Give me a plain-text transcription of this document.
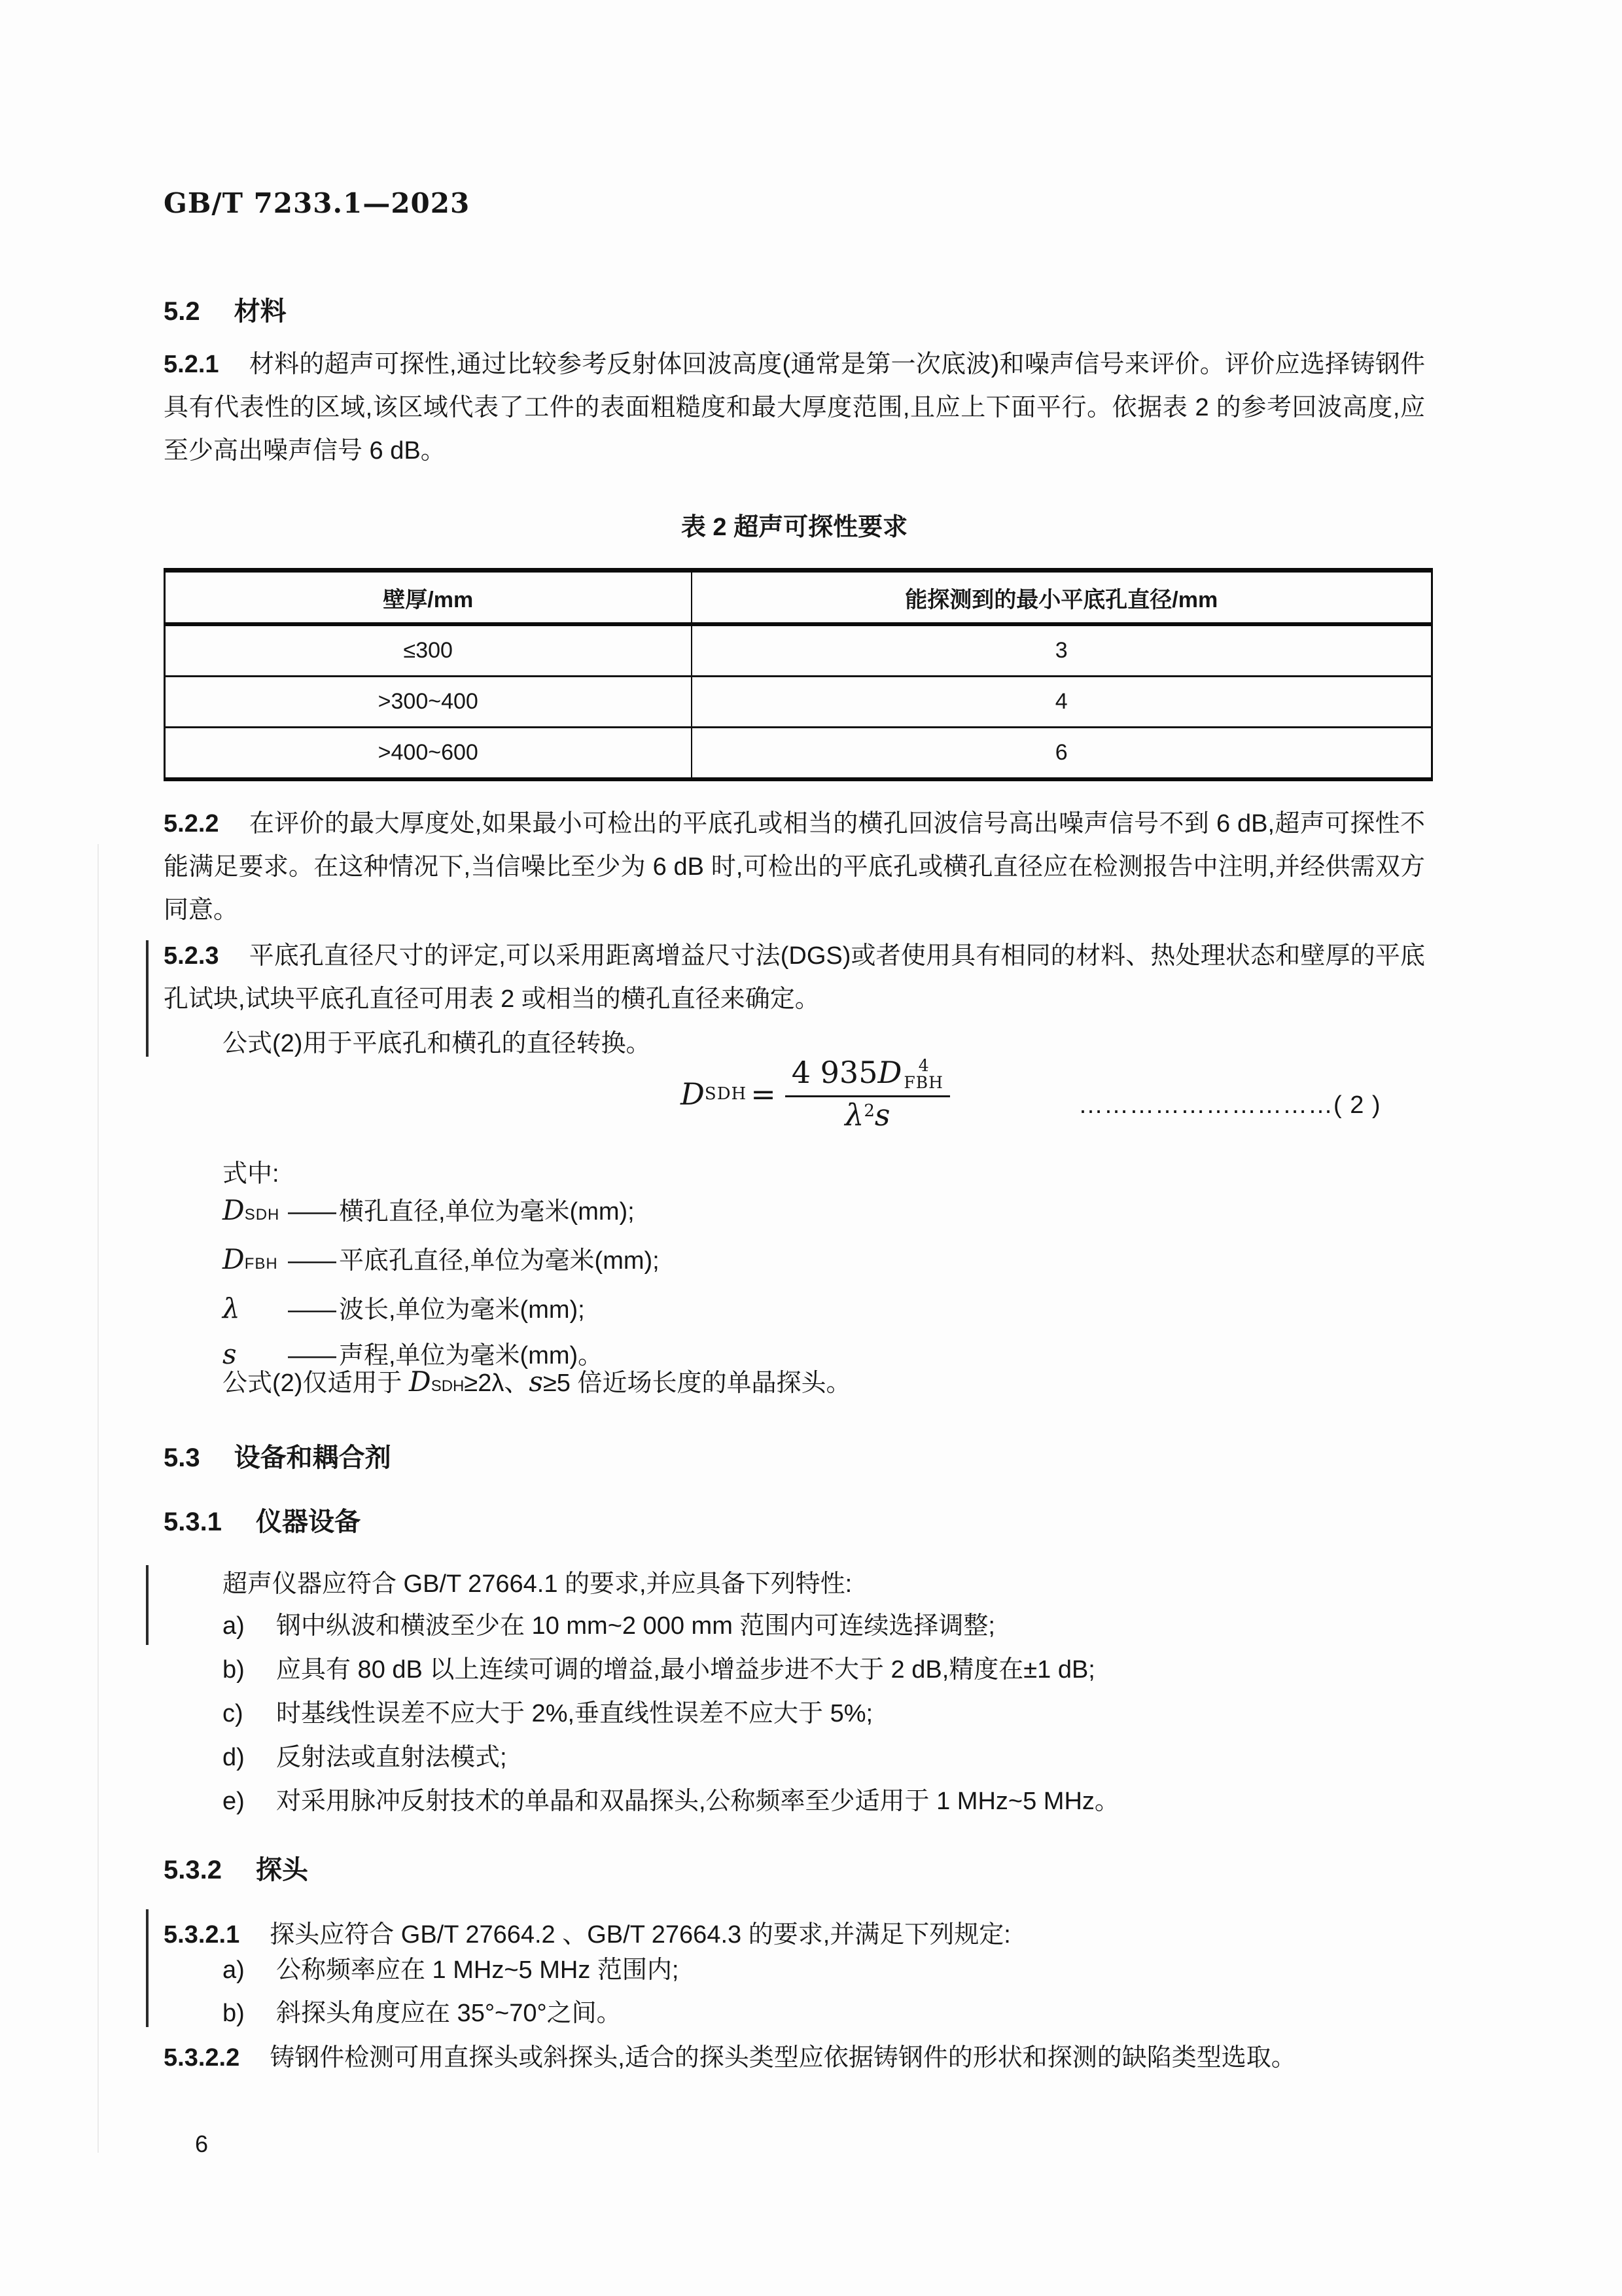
GB/T 7233.1—2023
5.2 材料
5.2.1 材料的超声可探性,通过比较参考反射体回波高度(通常是第一次底波)和噪声信号来评价。评价应选择铸钢件具有代表性的区域,该区域代表了工件的表面粗糙度和最大厚度范围,且应上下面平行。依据表 2 的参考回波高度,应至少高出噪声信号 6 dB。
表 2 超声可探性要求
壁厚/mm	能探测到的最小平底孔直径/mm
≤300	3
>300~400	4
>400~600	6
5.2.2 在评价的最大厚度处,如果最小可检出的平底孔或相当的横孔回波信号高出噪声信号不到 6 dB,超声可探性不能满足要求。在这种情况下,当信噪比至少为 6 dB 时,可检出的平底孔或横孔直径应在检测报告中注明,并经供需双方同意。
5.2.3 平底孔直径尺寸的评定,可以采用距离增益尺寸法(DGS)或者使用具有相同的材料、热处理状态和壁厚的平底孔试块,试块平底孔直径可用表 2 或相当的横孔直径来确定。
公式(2)用于平底孔和横孔的直径转换。
D SDH = 4 935 D	4
FBH
$\lambda^2s$	…………………………( 2 )
式中:
DSDH —— 横孔直径,单位为毫米(mm);
DFBH —— 平底孔直径,单位为毫米(mm);
λ —— 波长,单位为毫米(mm);
s —— 声程,单位为毫米(mm)。
公式(2)仅适用于 DSDH≥2λ、s≥5 倍近场长度的单晶探头。
5.3 设备和耦合剂
5.3.1 仪器设备
超声仪器应符合 GB/T 27664.1 的要求,并应具备下列特性:
a) 钢中纵波和横波至少在 10 mm~2 000 mm 范围内可连续选择调整;
b) 应具有 80 dB 以上连续可调的增益,最小增益步进不大于 2 dB,精度在±1 dB;
c) 时基线性误差不应大于 2%,垂直线性误差不应大于 5%;
d) 反射法或直射法模式;
e) 对采用脉冲反射技术的单晶和双晶探头,公称频率至少适用于 1 MHz~5 MHz。
5.3.2 探头
5.3.2.1 探头应符合 GB/T 27664.2 、GB/T 27664.3 的要求,并满足下列规定:
a) 公称频率应在 1 MHz~5 MHz 范围内;
b) 斜探头角度应在 35°~70°之间。
5.3.2.2 铸钢件检测可用直探头或斜探头,适合的探头类型应依据铸钢件的形状和探测的缺陷类型选取。
6
